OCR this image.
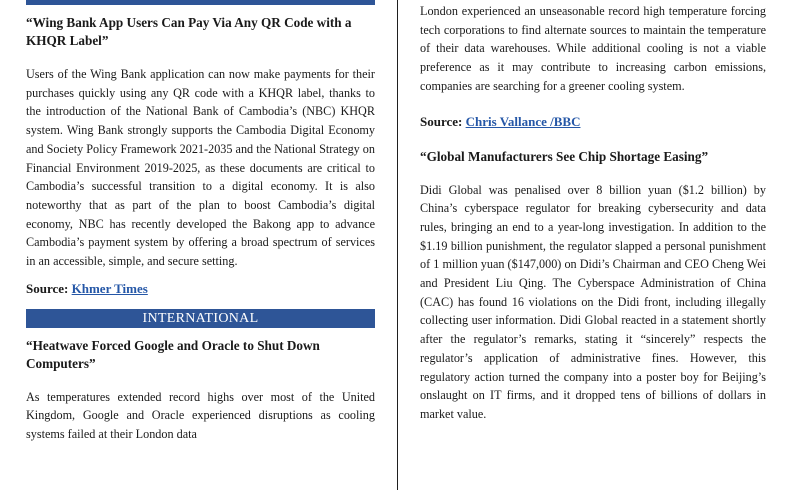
“Wing Bank App Users Can Pay Via Any QR Code with a KHQR Label”

Users of the Wing Bank application can now make payments for their purchases quickly using any QR code with a KHQR label, thanks to the introduction of the National Bank of Cambodia’s (NBC) KHQR system. Wing Bank strongly supports the Cambodia Digital Economy and Society Policy Framework 2021-2035 and the National Strategy on Financial Environment 2019-2025, as these documents are critical to Cambodia’s successful transition to a digital economy. It is also noteworthy that as part of the plan to boost Cambodia’s digital economy, NBC has recently developed the Bakong app to advance Cambodia’s payment system by offering a broad spectrum of services in an accessible, simple, and secure setting.

Source: Khmer Times
INTERNATIONAL
“Heatwave Forced Google and Oracle to Shut Down Computers”

As temperatures extended record highs over most of the United Kingdom, Google and Oracle experienced disruptions as cooling systems failed at their London data

London experienced an unseasonable record high temperature forcing tech corporations to find alternate sources to maintain the temperature of their data warehouses. While additional cooling is not a viable preference as it may contribute to increasing carbon emissions, companies are searching for a greener cooling system.

Source: Chris Vallance /BBC
“Global Manufacturers See Chip Shortage Easing”

Didi Global was penalised over 8 billion yuan ($1.2 billion) by China’s cyberspace regulator for breaking cybersecurity and data rules, bringing an end to a year-long investigation. In addition to the $1.19 billion punishment, the regulator slapped a personal punishment of 1 million yuan ($147,000) on Didi’s Chairman and CEO Cheng Wei and President Liu Qing. The Cyberspace Administration of China (CAC) has found 16 violations on the Didi front, including illegally collecting user information. Didi Global reacted in a statement shortly after the regulator’s remarks, stating it “sincerely” respects the regulator’s application of administrative fines. However, this regulatory action turned the company into a poster boy for Beijing’s onslaught on IT firms, and it dropped tens of billions of dollars in market value.
